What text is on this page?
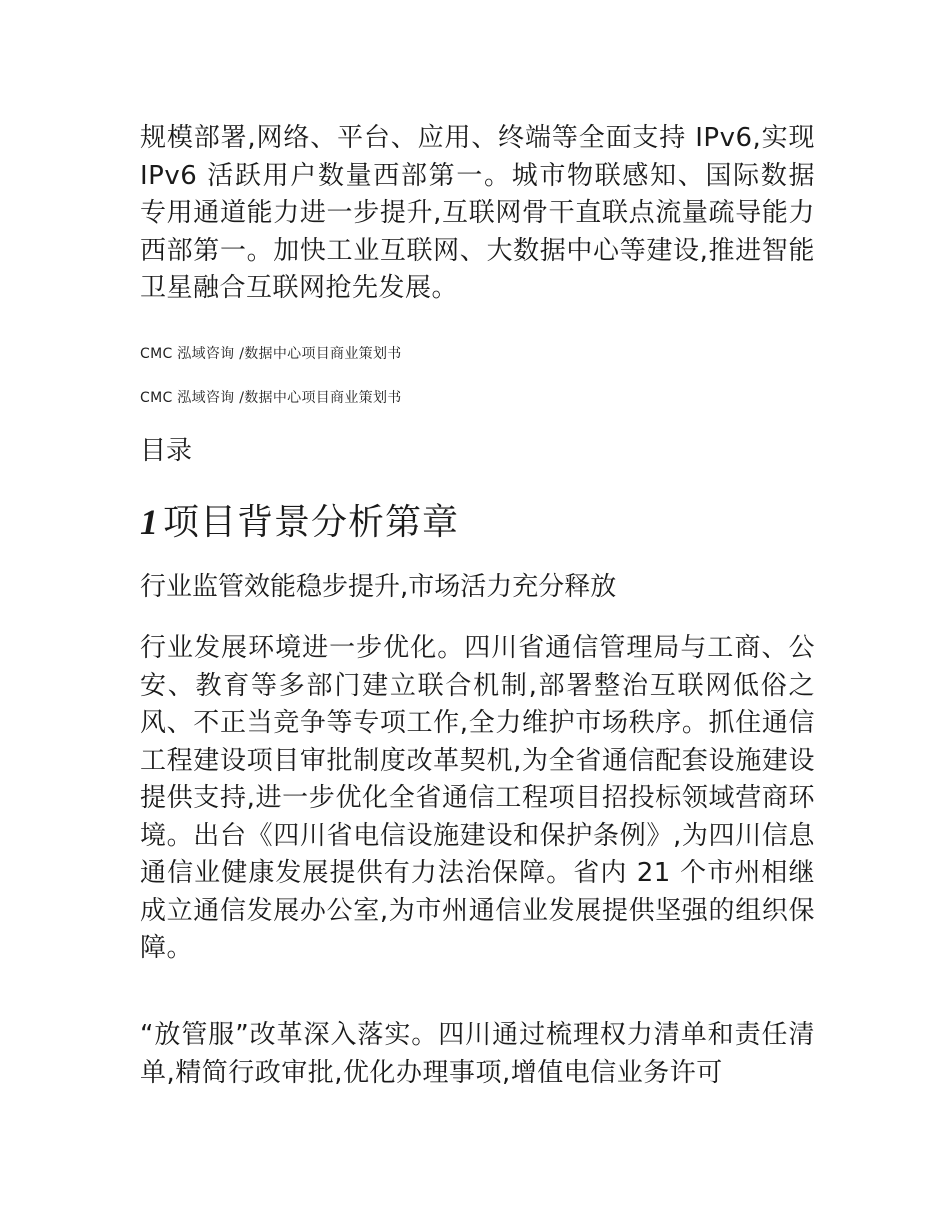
规模部署,网络、平台、应用、终端等全面支持 IPv6,实现 IPv6 活跃用户数量西部第一。城市物联感知、国际数据专用通道能力进一步提升,互联网骨干直联点流量疏导能力西部第一。加快工业互联网、大数据中心等建设,推进智能卫星融合互联网抢先发展。

CMC 泓域咨询 /数据中心项目商业策划书

CMC 泓域咨询 /数据中心项目商业策划书

目录

1 项目背景分析第章
行业监管效能稳步提升,市场活力充分释放

行业发展环境进一步优化。四川省通信管理局与工商、公安、教育等多部门建立联合机制,部署整治互联网低俗之风、不正当竞争等专项工作,全力维护市场秩序。抓住通信工程建设项目审批制度改革契机,为全省通信配套设施建设提供支持,进一步优化全省通信工程项目招投标领域营商环境。出台《四川省电信设施建设和保护条例》,为四川信息通信业健康发展提供有力法治保障。省内 21 个市州相继成立通信发展办公室,为市州通信业发展提供坚强的组织保障。

“放管服”改革深入落实。四川通过梳理权力清单和责任清单,精简行政审批,优化办理事项,增值电信业务许可
